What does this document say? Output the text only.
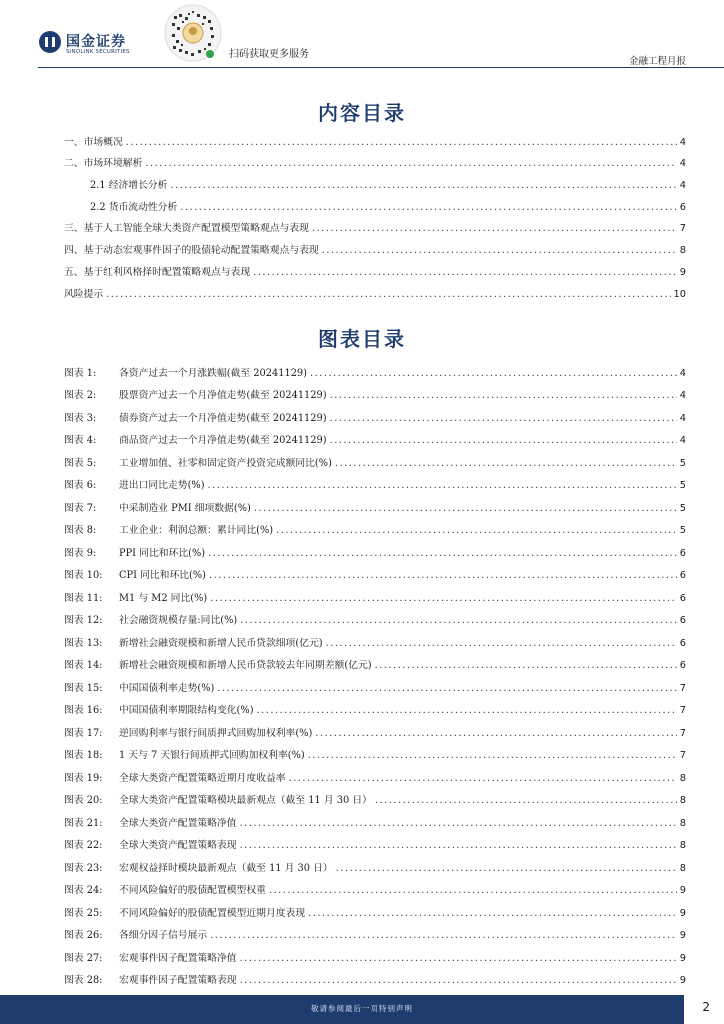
国金证券
SINOLINK SECURITIES	扫码获取更多服务
金融工程月报
内容目录
一、市场概况 .....	4
二、市场环境解析 .....	4
2.1 经济增长分析 .....	4
2.2 货币流动性分析 .....	6
三、基于人工智能全球大类资产配置模型策略观点与表现 .....	7
四、基于动态宏观事件因子的股债轮动配置策略观点与表现 .....	8
五、基于红利风格择时配置策略观点与表现 .....	9
风险提示 .....	10
图表目录
图表 1: 各资产过去一个月涨跌幅(截至 20241129) .....	4
图表 2: 股票资产过去一个月净值走势(截至 20241129) .....	4
图表 3: 债券资产过去一个月净值走势(截至 20241129) .....	4
图表 4: 商品资产过去一个月净值走势(截至 20241129) .....	4
图表 5: 工业增加值、社零和固定资产投资完成额同比(%) .....	5
图表 6: 进出口同比走势(%) .....	5
图表 7: 中采制造业 PMI 细项数据(%) .....	5
图表 8: 工业企业：利润总额：累计同比(%) .....	5
图表 9: PPI 同比和环比(%) .....	6
图表 10: CPI 同比和环比(%) .....	6
图表 11: M1 与 M2 同比(%) .....	6
图表 12: 社会融资规模存量:同比(%) .....	6
图表 13: 新增社会融资规模和新增人民币贷款细项(亿元) .....	6
图表 14: 新增社会融资规模和新增人民币贷款较去年同期差额(亿元) .....	6
图表 15: 中国国债利率走势(%) .....	7
图表 16: 中国国债利率期限结构变化(%) .....	7
图表 17: 逆回购利率与银行间质押式回购加权利率(%) .....	7
图表 18: 1 天与 7 天银行间质押式回购加权利率(%) .....	7
图表 19: 全球大类资产配置策略近期月度收益率 .....	8
图表 20: 全球大类资产配置策略模块最新观点（截至 11 月 30 日） .....	8
图表 21: 全球大类资产配置策略净值 .....	8
图表 22: 全球大类资产配置策略表现 .....	8
图表 23: 宏观权益择时模块最新观点（截至 11 月 30 日） .....	8
图表 24: 不同风险偏好的股债配置模型权重 .....	9
图表 25: 不同风险偏好的股债配置模型近期月度表现 .....	9
图表 26: 各细分因子信号展示 .....	9
图表 27: 宏观事件因子配置策略净值 .....	9
图表 28: 宏观事件因子配置策略表现 .....	9
敬请参阅最后一页特别声明	2
